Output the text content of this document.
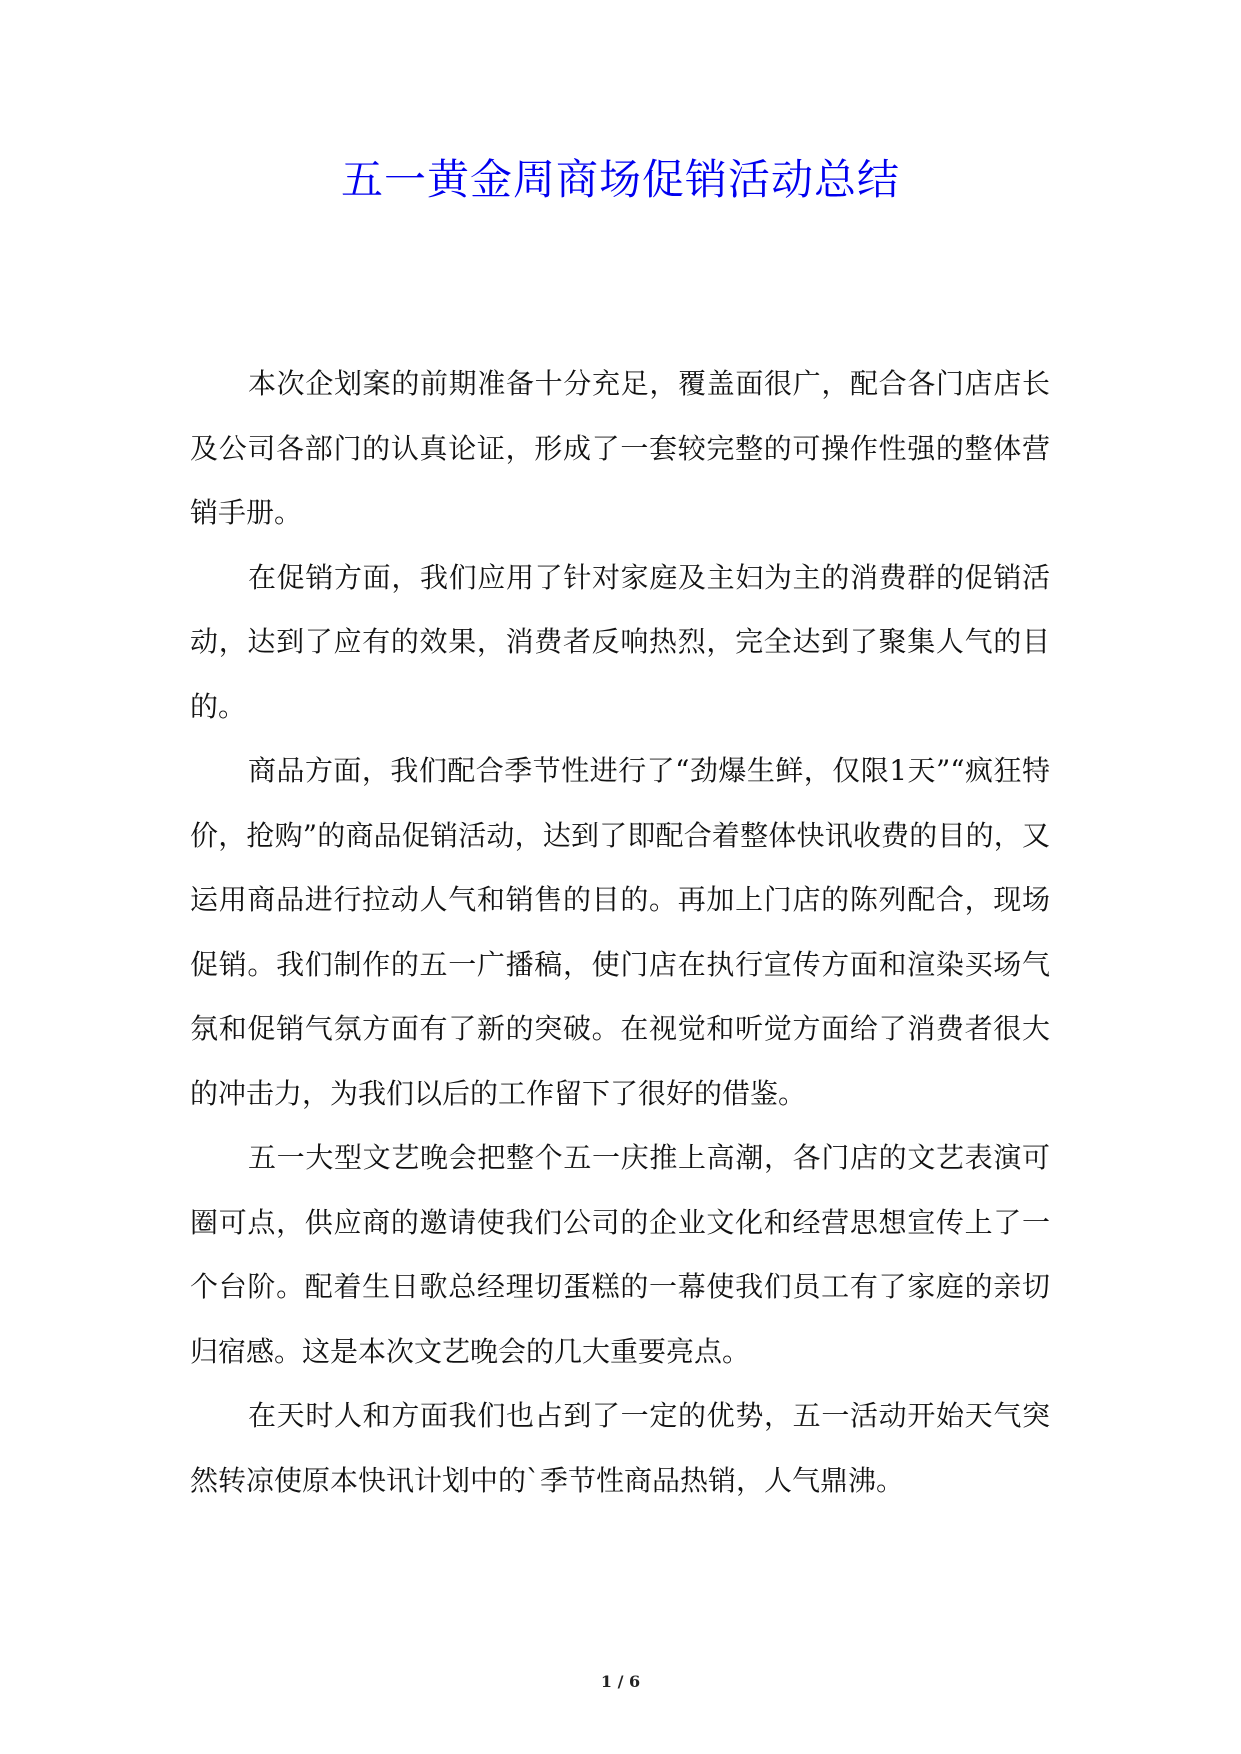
五一黄金周商场促销活动总结

本次企划案的前期准备十分充足，覆盖面很广，配合各门店店长及公司各部门的认真论证，形成了一套较完整的可操作性强的整体营销手册。

在促销方面，我们应用了针对家庭及主妇为主的消费群的促销活动，达到了应有的效果，消费者反响热烈，完全达到了聚集人气的目的。

商品方面，我们配合季节性进行了“劲爆生鲜，仅限1天”“疯狂特价，抢购”的商品促销活动，达到了即配合着整体快讯收费的目的，又运用商品进行拉动人气和销售的目的。再加上门店的陈列配合，现场促销。我们制作的五一广播稿，使门店在执行宣传方面和渲染买场气氛和促销气氛方面有了新的突破。在视觉和听觉方面给了消费者很大的冲击力，为我们以后的工作留下了很好的借鉴。

五一大型文艺晚会把整个五一庆推上高潮，各门店的文艺表演可圈可点，供应商的邀请使我们公司的企业文化和经营思想宣传上了一个台阶。配着生日歌总经理切蛋糕的一幕使我们员工有了家庭的亲切归宿感。这是本次文艺晚会的几大重要亮点。

在天时人和方面我们也占到了一定的优势，五一活动开始天气突然转凉使原本快讯计划中的`季节性商品热销，人气鼎沸。

1 / 6
